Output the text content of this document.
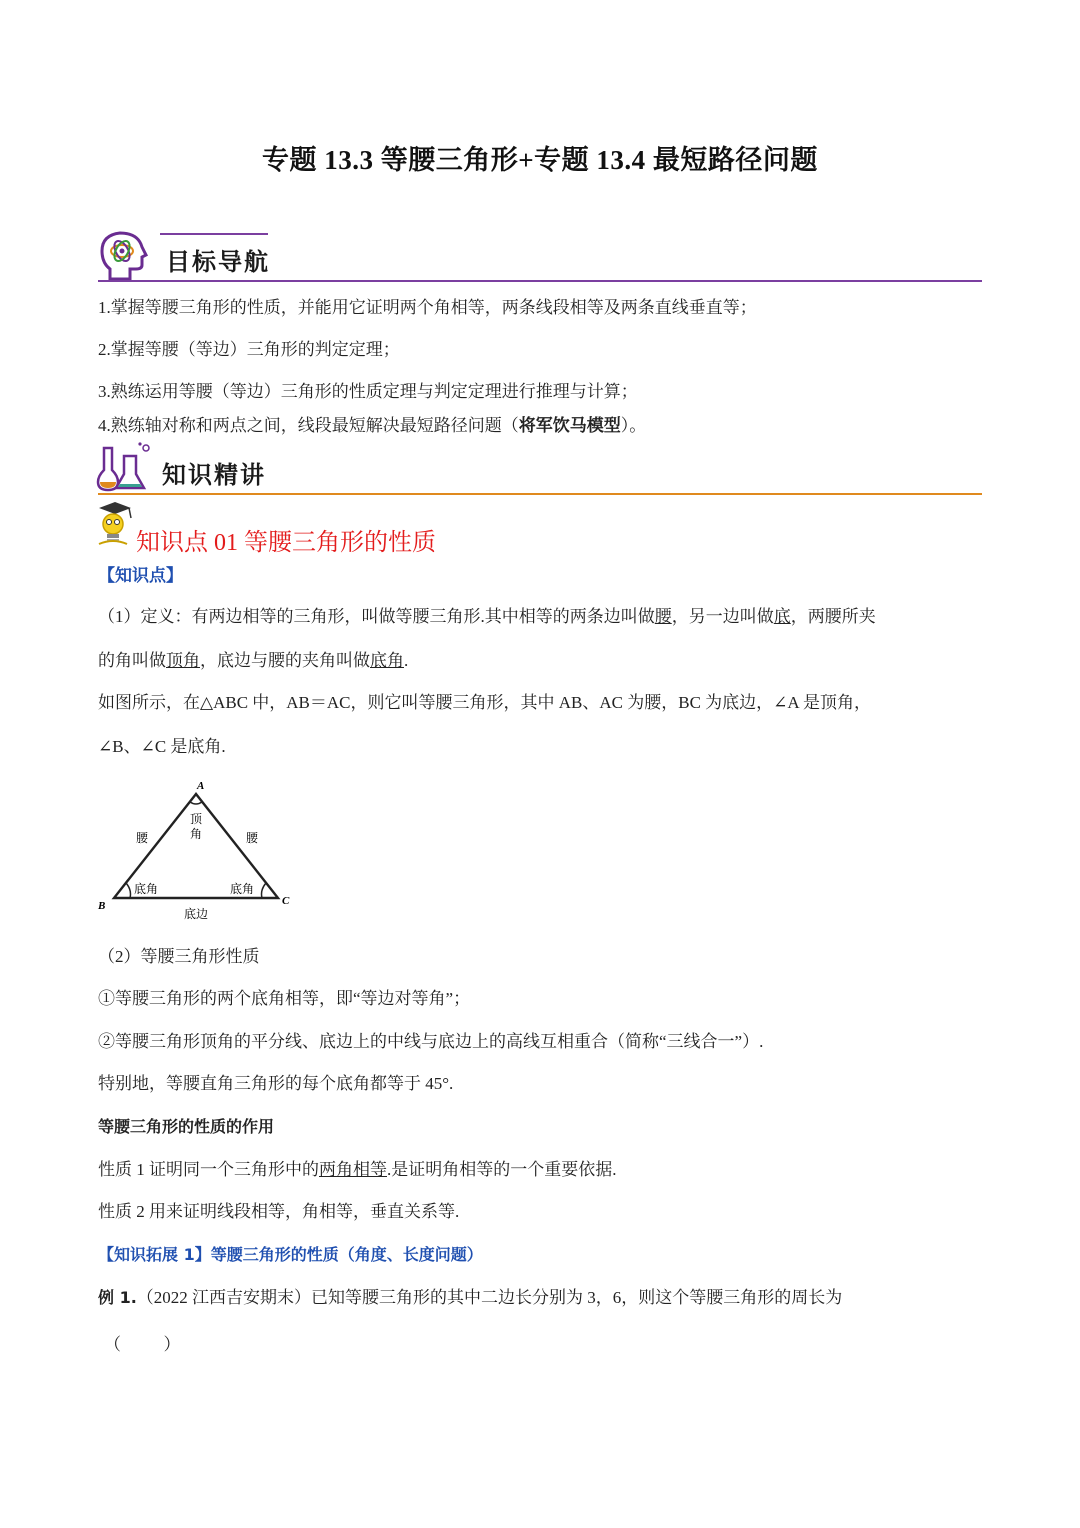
专题 13.3 等腰三角形+专题 13.4 最短路径问题
目标导航
1.掌握等腰三角形的性质，并能用它证明两个角相等，两条线段相等及两条直线垂直等；
2.掌握等腰（等边）三角形的判定定理；
3.熟练运用等腰（等边）三角形的性质定理与判定定理进行推理与计算；
4.熟练轴对称和两点之间，线段最短解决最短路径问题（将军饮马模型）。
知识精讲
知识点 01 等腰三角形的性质
【知识点】
（1）定义：有两边相等的三角形，叫做等腰三角形.其中相等的两条边叫做腰，另一边叫做底，两腰所夹
的角叫做顶角，底边与腰的夹角叫做底角.
如图所示，在△ABC 中，AB＝AC，则它叫等腰三角形，其中 AB、AC 为腰，BC 为底边，∠A 是顶角，
∠B、∠C 是底角.
A
B	C
腰	腰
顶
角
底角	底角
底边
（2）等腰三角形性质
①等腰三角形的两个底角相等，即“等边对等角”；
②等腰三角形顶角的平分线、底边上的中线与底边上的高线互相重合（简称“三线合一”）.
特别地，等腰直角三角形的每个底角都等于 45°.
等腰三角形的性质的作用
性质 1 证明同一个三角形中的两角相等.是证明角相等的一个重要依据.
性质 2 用来证明线段相等，角相等，垂直关系等.
【知识拓展 1】等腰三角形的性质（角度、长度问题）
例 1.（2022 江西吉安期末）已知等腰三角形的其中二边长分别为 3，6，则这个等腰三角形的周长为
（          ）
